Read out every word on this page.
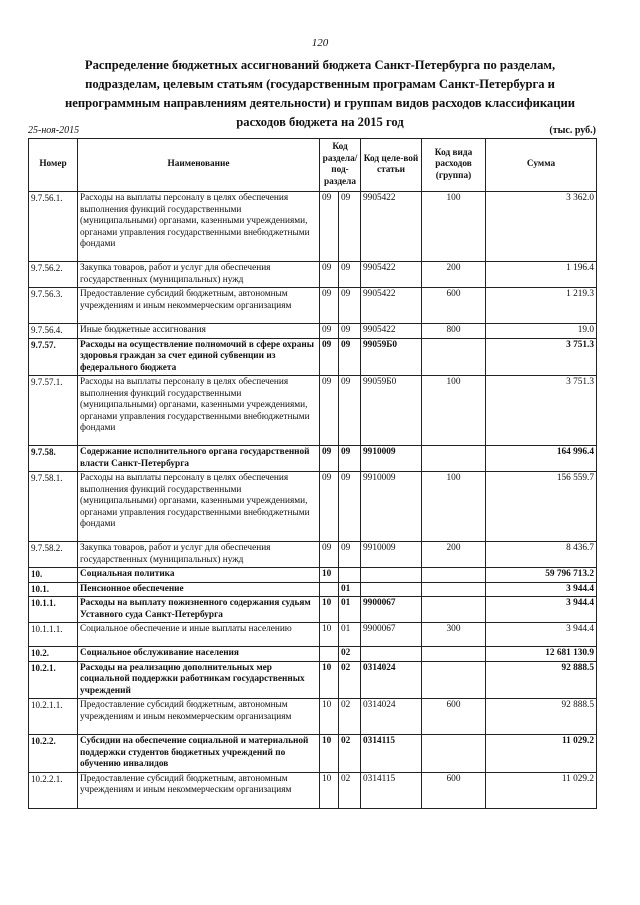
120
Распределение бюджетных ассигнований бюджета Санкт-Петербурга по разделам,
подразделам, целевым статьям (государственным програмам Санкт-Петербурга и
непрограммным направлениям деятельности) и группам видов расходов классификации
расходов бюджета на 2015 год
25-ноя-2015	(тыс. руб.)
Номер	Наименование	Код раздела/ под-раздела		Код целе-вой статьи	Код вида расходов (группа)	Сумма
9.7.56.1.	Расходы на выплаты персоналу в целях обеспечения выполнения функций государственными (муниципальными) органами, казенными учреждениями, органами управления государственными внебюджетными фондами	09	09	9905422	100	3 362.0
9.7.56.2.	Закупка товаров, работ и услуг для обеспечения государственных (муниципальных) нужд	09	09	9905422	200	1 196.4
9.7.56.3.	Предоставление субсидий бюджетным, автономным учреждениям и иным некоммерческим организациям	09	09	9905422	600	1 219.3
9.7.56.4.	Иные бюджетные ассигнования	09	09	9905422	800	19.0
9.7.57.	Расходы на осуществление полномочий в сфере охраны здоровья граждан за счет единой субвенции из федерального бюджета	09	09	99059Б0		3 751.3
9.7.57.1.	Расходы на выплаты персоналу в целях обеспечения выполнения функций государственными (муниципальными) органами, казенными учреждениями, органами управления государственными внебюджетными фондами	09	09	99059Б0	100	3 751.3
9.7.58.	Содержание исполнительного органа государственной власти Санкт-Петербурга	09	09	9910009		164 996.4
9.7.58.1.	Расходы на выплаты персоналу в целях обеспечения выполнения функций государственными (муниципальными) органами, казенными учреждениями, органами управления государственными внебюджетными фондами	09	09	9910009	100	156 559.7
9.7.58.2.	Закупка товаров, работ и услуг для обеспечения государственных (муниципальных) нужд	09	09	9910009	200	8 436.7
10.	Социальная политика	10				59 796 713.2
10.1.	Пенсионное обеспечение		01			3 944.4
10.1.1.	Расходы на выплату пожизненного содержания судьям Уставного суда Санкт-Петербурга	10	01	9900067		3 944.4
10.1.1.1.	Социальное обеспечение и иные выплаты населению	10	01	9900067	300	3 944.4
10.2.	Социальное обслуживание населения		02			12 681 130.9
10.2.1.	Расходы на реализацию дополнительных мер социальной поддержки работникам государственных учреждений	10	02	0314024		92 888.5
10.2.1.1.	Предоставление субсидий бюджетным, автономным учреждениям и иным некоммерческим организациям	10	02	0314024	600	92 888.5
10.2.2.	Субсидии на обеспечение социальной и материальной поддержки студентов бюджетных учреждений по обучению инвалидов	10	02	0314115		11 029.2
10.2.2.1.	Предоставление субсидий бюджетным, автономным учреждениям и иным некоммерческим организациям	10	02	0314115	600	11 029.2
